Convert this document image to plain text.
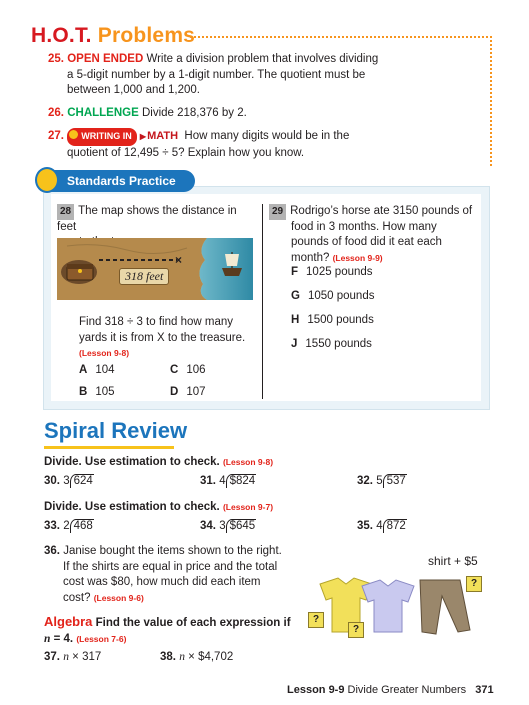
H.O.T. Problems
25. OPEN ENDED Write a division problem that involves dividing
a 5-digit number by a 1-digit number. The quotient must be
between 1,000 and 1,200.
26. CHALLENGE Divide 218,376 by 2.
27. WRITING IN ▶ MATH How many digits would be in the
quotient of 12,495 ÷ 5? Explain how you know.
Standards Practice
28 The map shows the distance in feet

×
318 feet
Find 318 ÷ 3 to find how many
yards it is from X to the treasure.
(Lesson 9-8)
A 104	C 106
B 105	D 107
29 Rodrigo’s horse ate 3150 pounds of
food in 3 months. How many
pounds of food did it eat each
month? (Lesson 9-9)
F 1025 pounds
G 1050 pounds
H 1500 pounds
J 1550 pounds
Spiral Review
Divide. Use estimation to check. (Lesson 9-8)
30. 3 624	31. 4 $824	32. 5 537
Divide. Use estimation to check. (Lesson 9-7)
33. 2 468	34. 3 $645	35. 4 872
36. Janise bought the items shown to the right.
If the shirts are equal in price and the total
cost was $80, how much did each item
cost? (Lesson 9-6)
shirt + $5
?
?
?
Algebra Find the value of each expression if
n = 4. (Lesson 7-6)
37. n × 317	38. n × $4,702
Lesson 9-9 Divide Greater Numbers 371
